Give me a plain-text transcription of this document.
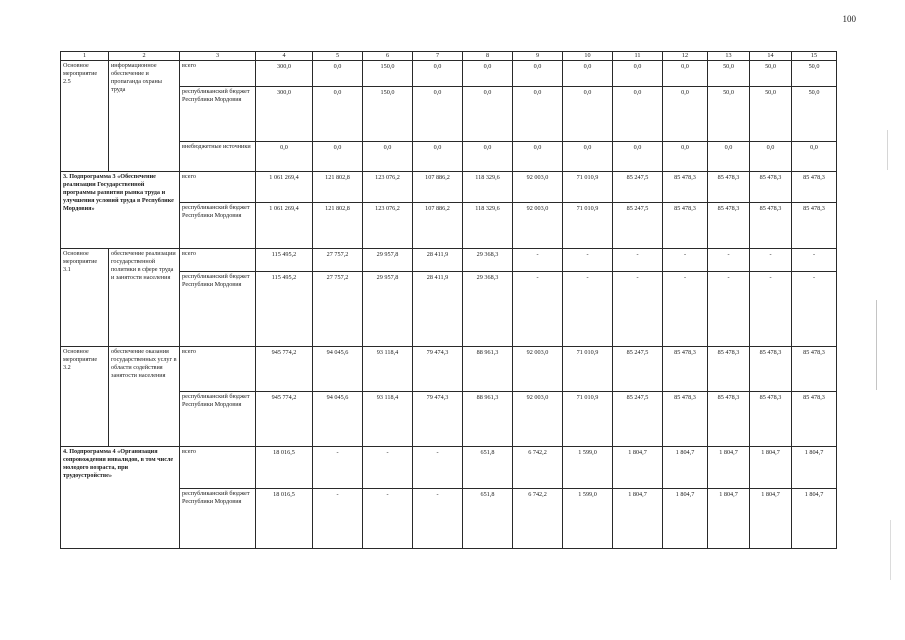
100
1	2	3	4	5	6	7	8	9	10	11	12	13	14	15
Основное мероприятие 2.5	информационное обеспечение и пропаганда охраны труда	всего	300,0	0,0	150,0	0,0	0,0	0,0	0,0	0,0	0,0	50,0	50,0	50,0
		республиканский бюджет Республики Мордовия	300,0	0,0	150,0	0,0	0,0	0,0	0,0	0,0	0,0	50,0	50,0	50,0
		внебюджетные источники	0,0	0,0	0,0	0,0	0,0	0,0	0,0	0,0	0,0	0,0	0,0	0,0
3. Подпрограмма 3 «Обеспечение реализации Государственной программы развития рынка труда и улучшения условий труда в Республике Мордовия»		всего	1 061 269,4	121 802,8	123 076,2	107 886,2	118 329,6	92 003,0	71 010,9	85 247,5	85 478,3	85 478,3	85 478,3	85 478,3
		республиканский бюджет Республики Мордовия	1 061 269,4	121 802,8	123 076,2	107 886,2	118 329,6	92 003,0	71 010,9	85 247,5	85 478,3	85 478,3	85 478,3	85 478,3
Основное мероприятие 3.1	обеспечение реализации государственной политики в сфере труда и занятости населения	всего	115 495,2	27 757,2	29 957,8	28 411,9	29 368,3	-	-	-	-	-	-	-
		республиканский бюджет Республики Мордовия	115 495,2	27 757,2	29 957,8	28 411,9	29 368,3	-	-	-	-	-	-	-
Основное мероприятие 3.2	обеспечение оказания государственных услуг в области содействия занятости населения	всего	945 774,2	94 045,6	93 118,4	79 474,3	88 961,3	92 003,0	71 010,9	85 247,5	85 478,3	85 478,3	85 478,3	85 478,3
		республиканский бюджет Республики Мордовия	945 774,2	94 045,6	93 118,4	79 474,3	88 961,3	92 003,0	71 010,9	85 247,5	85 478,3	85 478,3	85 478,3	85 478,3
4. Подпрограмма 4 «Организация сопровождения инвалидов, в том числе молодого возраста, при трудоустройстве»		всего	18 016,5	-	-	-	651,8	6 742,2	1 599,0	1 804,7	1 804,7	1 804,7	1 804,7	1 804,7
		республиканский бюджет Республики Мордовия	18 016,5	-	-	-	651,8	6 742,2	1 599,0	1 804,7	1 804,7	1 804,7	1 804,7	1 804,7
